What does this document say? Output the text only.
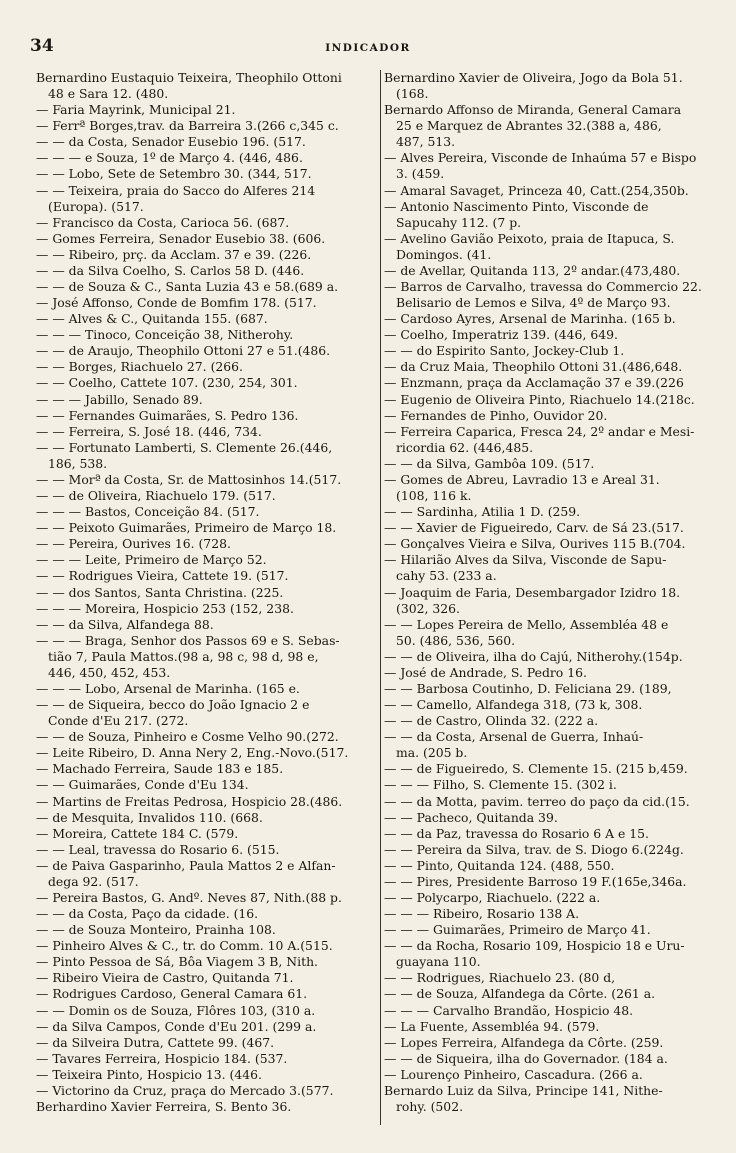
34	INDICADOR
Bernardino Eustaquio Teixeira, Theophilo Ottoni
48 e Sara 12. (480.
— Faria Mayrink, Municipal 21.
— Ferrª Borges,trav. da Barreira 3.(266 c,345 c.
— — da Costa, Senador Eusebio 196. (517.
— — — e Souza, 1º de Março 4. (446, 486.
— — Lobo, Sete de Setembro 30. (344, 517.
— — Teixeira, praia do Sacco do Alferes 214
(Europa). (517.
— Francisco da Costa, Carioca 56. (687.
— Gomes Ferreira, Senador Eusebio 38. (606.
— — Ribeiro, prç. da Acclam. 37 e 39. (226.
— — da Silva Coelho, S. Carlos 58 D. (446.
— — de Souza & C., Santa Luzia 43 e 58.(689 a.
— José Affonso, Conde de Bomfim 178. (517.
— — Alves & C., Quitanda 155. (687.
— — — Tinoco, Conceição 38, Nitherohy.
— — de Araujo, Theophilo Ottoni 27 e 51.(486.
— — Borges, Riachuelo 27. (266.
— — Coelho, Cattete 107. (230, 254, 301.
— — — Jabillo, Senado 89.
— — Fernandes Guimarães, S. Pedro 136.
— — Ferreira, S. José 18. (446, 734.
— — Fortunato Lamberti, S. Clemente 26.(446,
186, 538.
— — Morª da Costa, Sr. de Mattosinhos 14.(517.
— — de Oliveira, Riachuelo 179. (517.
— — — Bastos, Conceição 84. (517.
— — Peixoto Guimarães, Primeiro de Março 18.
— — Pereira, Ourives 16. (728.
— — — Leite, Primeiro de Março 52.
— — Rodrigues Vieira, Cattete 19. (517.
— — dos Santos, Santa Christina. (225.
— — — Moreira, Hospicio 253 (152, 238.
— — da Silva, Alfandega 88.
— — — Braga, Senhor dos Passos 69 e S. Sebas-
tião 7, Paula Mattos.(98 a, 98 c, 98 d, 98 e,
446, 450, 452, 453.
— — — Lobo, Arsenal de Marinha. (165 e.
— — de Siqueira, becco do João Ignacio 2 e
Conde d'Eu 217. (272.
— — de Souza, Pinheiro e Cosme Velho 90.(272.
— Leite Ribeiro, D. Anna Nery 2, Eng.-Novo.(517.
— Machado Ferreira, Saude 183 e 185.
— — Guimarães, Conde d'Eu 134.
— Martins de Freitas Pedrosa, Hospicio 28.(486.
— de Mesquita, Invalidos 110. (668.
— Moreira, Cattete 184 C. (579.
— — Leal, travessa do Rosario 6. (515.
— de Paiva Gasparinho, Paula Mattos 2 e Alfan-
dega 92. (517.
— Pereira Bastos, G. Andº. Neves 87, Nith.(88 p.
— — da Costa, Paço da cidade. (16.
— — de Souza Monteiro, Prainha 108.
— Pinheiro Alves & C., tr. do Comm. 10 A.(515.
— Pinto Pessoa de Sá, Bôa Viagem 3 B, Nith.
— Ribeiro Vieira de Castro, Quitanda 71.
— Rodrigues Cardoso, General Camara 61.
— — Domin os de Souza, Flôres 103, (310 a.
— da Silva Campos, Conde d'Eu 201. (299 a.
— da Silveira Dutra, Cattete 99. (467.
— Tavares Ferreira, Hospicio 184. (537.
— Teixeira Pinto, Hospicio 13. (446.
— Victorino da Cruz, praça do Mercado 3.(577.
Berhardino Xavier Ferreira, S. Bento 36.
Bernardino Xavier de Oliveira, Jogo da Bola 51.
(168.
Bernardo Affonso de Miranda, General Camara
25 e Marquez de Abrantes 32.(388 a, 486,
487, 513.
— Alves Pereira, Visconde de Inhaúma 57 e Bispo
3. (459.
— Amaral Savaget, Princeza 40, Catt.(254,350b.
— Antonio Nascimento Pinto, Visconde de
Sapucahy 112. (7 p.
— Avelino Gavião Peixoto, praia de Itapuca, S.
Domingos. (41.
— de Avellar, Quitanda 113, 2º andar.(473,480.
— Barros de Carvalho, travessa do Commercio 22.
Belisario de Lemos e Silva, 4º de Março 93.
— Cardoso Ayres, Arsenal de Marinha. (165 b.
— Coelho, Imperatriz 139. (446, 649.
— — do Espirito Santo, Jockey-Club 1.
— da Cruz Maia, Theophilo Ottoni 31.(486,648.
— Enzmann, praça da Acclamação 37 e 39.(226
— Eugenio de Oliveira Pinto, Riachuelo 14.(218c.
— Fernandes de Pinho, Ouvidor 20.
— Ferreira Caparica, Fresca 24, 2º andar e Mesi-
ricordia 62. (446,485.
— — da Silva, Gambôa 109. (517.
— Gomes de Abreu, Lavradio 13 e Areal 31.
(108, 116 k.
— — Sardinha, Atilia 1 D. (259.
— — Xavier de Figueiredo, Carv. de Sá 23.(517.
— Gonçalves Vieira e Silva, Ourives 115 B.(704.
— Hilarião Alves da Silva, Visconde de Sapu-
cahy 53. (233 a.
— Joaquim de Faria, Desembargador Izidro 18.
(302, 326.
— — Lopes Pereira de Mello, Assembléa 48 e
50. (486, 536, 560.
— — de Oliveira, ilha do Cajú, Nitherohy.(154p.
— José de Andrade, S. Pedro 16.
— — Barbosa Coutinho, D. Feliciana 29. (189,
— — Camello, Alfandega 318, (73 k, 308.
— — de Castro, Olinda 32. (222 a.
— — da Costa, Arsenal de Guerra, Inhaú-
ma. (205 b.
— — de Figueiredo, S. Clemente 15. (215 b,459.
— — — Filho, S. Clemente 15. (302 i.
— — da Motta, pavim. terreo do paço da cid.(15.
— — Pacheco, Quitanda 39.
— — da Paz, travessa do Rosario 6 A e 15.
— — Pereira da Silva, trav. de S. Diogo 6.(224g.
— — Pinto, Quitanda 124. (488, 550.
— — Pires, Presidente Barroso 19 F.(165e,346a.
— — Polycarpo, Riachuelo. (222 a.
— — — Ribeiro, Rosario 138 A.
— — — Guimarães, Primeiro de Março 41.
— — da Rocha, Rosario 109, Hospicio 18 e Uru-
guayana 110.
— — Rodrigues, Riachuelo 23. (80 d,
— — de Souza, Alfandega da Côrte. (261 a.
— — — Carvalho Brandão, Hospicio 48.
— La Fuente, Assembléa 94. (579.
— Lopes Ferreira, Alfandega da Côrte. (259.
— — de Siqueira, ilha do Governador. (184 a.
— Lourenço Pinheiro, Cascadura. (266 a.
Bernardo Luiz da Silva, Principe 141, Nithe-
rohy. (502.
